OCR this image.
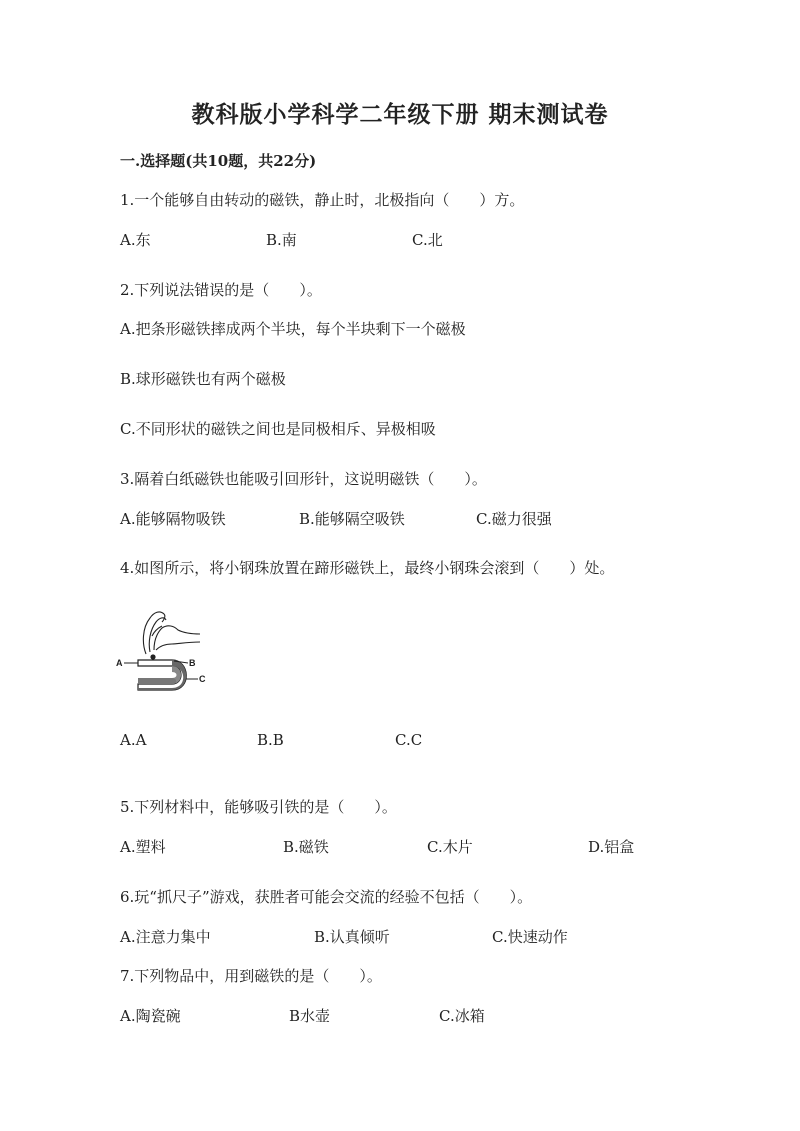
教科版小学科学二年级下册 期末测试卷
一.选择题(共10题，共22分)
1.一个能够自由转动的磁铁，静止时，北极指向（　　）方。
A.东	B.南	C.北
2.下列说法错误的是（　　）。
A.把条形磁铁摔成两个半块，每个半块剩下一个磁极
B.球形磁铁也有两个磁极
C.不同形状的磁铁之间也是同极相斥、异极相吸
3.隔着白纸磁铁也能吸引回形针，这说明磁铁（　　）。
A.能够隔物吸铁	B.能够隔空吸铁	C.磁力很强
4.如图所示，将小钢珠放置在蹄形磁铁上，最终小钢珠会滚到（　　）处。
A	B
C
A.A	B.B	C.C
5.下列材料中，能够吸引铁的是（　　）。
A.塑料	B.磁铁	C.木片	D.铝盒
6.玩“抓尺子”游戏，获胜者可能会交流的经验不包括（　　）。
A.注意力集中	B.认真倾听	C.快速动作
7.下列物品中，用到磁铁的是（　　）。
A.陶瓷碗	B水壶	C.冰箱
